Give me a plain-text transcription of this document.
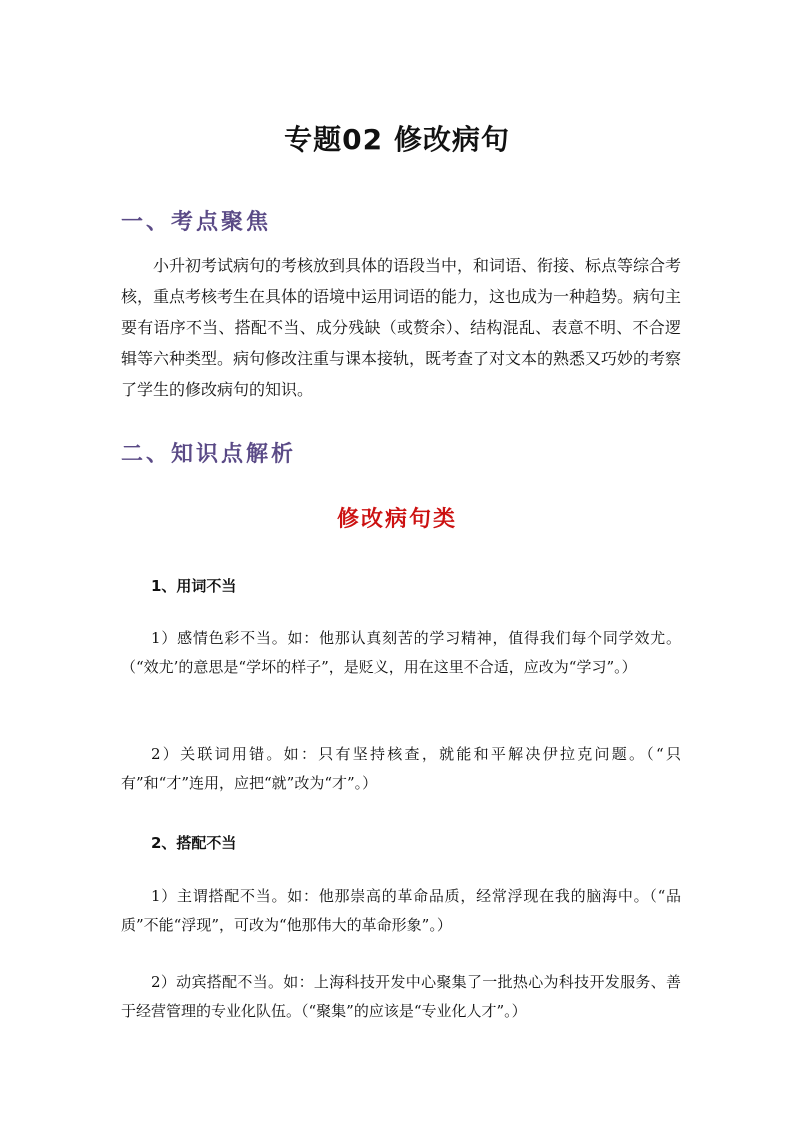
专题02 修改病句
一、考点聚焦
小升初考试病句的考核放到具体的语段当中，和词语、衔接、标点等综合考核，重点考核考生在具体的语境中运用词语的能力，这也成为一种趋势。病句主要有语序不当、搭配不当、成分残缺（或赘余）、结构混乱、表意不明、不合逻辑等六种类型。病句修改注重与课本接轨，既考查了对文本的熟悉又巧妙的考察了学生的修改病句的知识。
二、知识点解析
修改病句类
1、用词不当
1）感情色彩不当。如：他那认真刻苦的学习精神，值得我们每个同学效尤。（“效尤’的意思是“学坏的样子”，是贬义，用在这里不合适，应改为“学习”。）
2）关联词用错。如：只有坚持核查，就能和平解决伊拉克问题。（“只有”和“才”连用，应把“就”改为“才”。）
2、搭配不当
1）主谓搭配不当。如：他那崇高的革命品质，经常浮现在我的脑海中。（“品质”不能“浮现”，可改为“他那伟大的革命形象”。）
2）动宾搭配不当。如：上海科技开发中心聚集了一批热心为科技开发服务、善于经营管理的专业化队伍。（“聚集”的应该是“专业化人才”。）
